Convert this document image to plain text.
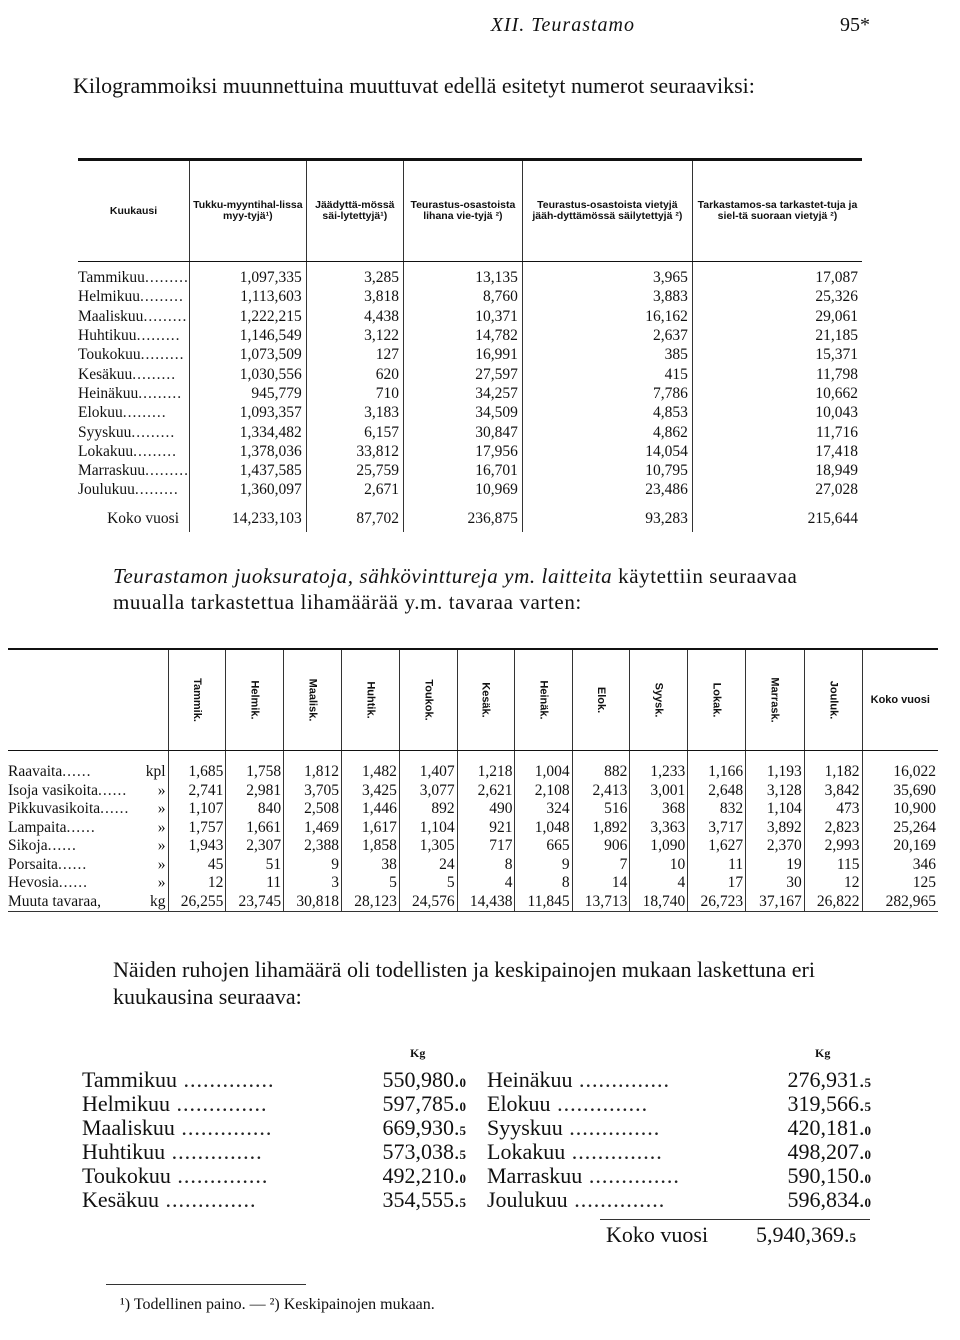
XII. Teurastamo	95*
Kilogrammoiksi muunnettuina muuttuvat edellä esitetyt numerot seuraaviksi:
Kuukausi	Tukku-myyntihal-lissa myy-tyjä¹)	Jäädyttä-mössä säi-lytettyjä¹)	Teurastus-osastoista lihana vie-tyjä ²)	Teurastus-osastoista vietyjä jääh-dyttämössä säilytettyjä ²)	Tarkastamos-sa tarkastet-tuja ja siel-tä suoraan vietyjä ²)
Tammikuu.........	1,097,335	3,285	13,135	3,965	17,087
Helmikuu.........	1,113,603	3,818	8,760	3,883	25,326
Maaliskuu.........	1,222,215	4,438	10,371	16,162	29,061
Huhtikuu.........	1,146,549	3,122	14,782	2,637	21,185
Toukokuu.........	1,073,509	127	16,991	385	15,371
Kesäkuu.........	1,030,556	620	27,597	415	11,798
Heinäkuu.........	945,779	710	34,257	7,786	10,662
Elokuu.........	1,093,357	3,183	34,509	4,853	10,043
Syyskuu.........	1,334,482	6,157	30,847	4,862	11,716
Lokakuu.........	1,378,036	33,812	17,956	14,054	17,418
Marraskuu.........	1,437,585	25,759	16,701	10,795	18,949
Joulukuu.........	1,360,097	2,671	10,969	23,486	27,028
Koko vuosi	14,233,103	87,702	236,875	93,283	215,644
Teurastamon juoksuratoja, sähkövinttureja ym. laitteita käytettiin seuraavaa muualla tarkastettua lihamäärää y.m. tavaraa varten:
	Tammik.	Helmik.	Maalisk.	Huhtik.	Toukok.	Kesäk.	Heinäk.	Elok.	Syysk.	Lokak.	Marrask.	Jouluk.	Koko vuosi
Raavaita...... kpl	1,685	1,758	1,812	1,482	1,407	1,218	1,004	882	1,233	1,166	1,193	1,182	16,022
Isoja vasikoita...... »	2,741	2,981	3,705	3,425	3,077	2,621	2,108	2,413	3,001	2,648	3,128	3,842	35,690
Pikkuvasikoita...... »	1,107	840	2,508	1,446	892	490	324	516	368	832	1,104	473	10,900
Lampaita...... »	1,757	1,661	1,469	1,617	1,104	921	1,048	1,892	3,363	3,717	3,892	2,823	25,264
Sikoja...... »	1,943	2,307	2,388	1,858	1,305	717	665	906	1,090	1,627	2,370	2,993	20,169
Porsaita...... »	45	51	9	38	24	8	9	7	10	11	19	115	346
Hevosia...... »	12	11	3	5	5	4	8	14	4	17	30	12	125
Muuta tavaraa, kg	26,255	23,745	30,818	28,123	24,576	14,438	11,845	13,713	18,740	26,723	37,167	26,822	282,965
Näiden ruhojen lihamäärä oli todellisten ja keskipainojen mukaan laskettuna eri kuukausina seuraava:
Kg	Kg
Tammikuu ..............	550,980.0
Helmikuu ..............	597,785.0
Maaliskuu ..............	669,930.5
Huhtikuu ..............	573,038.5
Toukokuu ..............	492,210.0
Kesäkuu ..............	354,555.5
Heinäkuu ..............	276,931.5
Elokuu ..............	319,566.5
Syyskuu ..............	420,181.0
Lokakuu ..............	498,207.0
Marraskuu ..............	590,150.0
Joulukuu ..............	596,834.0
Koko vuosi	5,940,369.5
¹) Todellinen paino. — ²) Keskipainojen mukaan.
